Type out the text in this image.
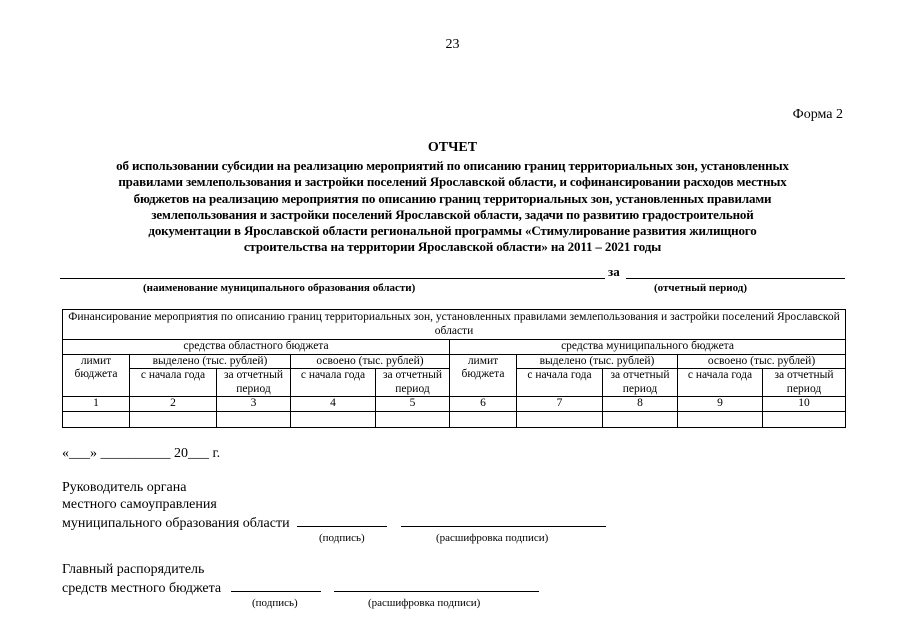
23
Форма 2
ОТЧЕТ
об использовании субсидии на реализацию мероприятий по описанию границ территориальных зон, установленных
правилами землепользования и застройки поселений Ярославской области, и софинансировании расходов местных
бюджетов на реализацию мероприятия по описанию границ территориальных зон, установленных правилами
землепользования и застройки поселений Ярославской области, задачи по развитию градостроительной
документации в Ярославской области региональной программы «Стимулирование развития жилищного
строительства на территории Ярославской области» на 2011 – 2021 годы
за
(наименование муниципального образования области)	(отчетный период)
Финансирование мероприятия по описанию границ территориальных зон, установленных правилами землепользования и застройки поселений Ярославской области									
средства областного бюджета					средства муниципального бюджета				
лимит бюджета	выделено (тыс. рублей)		освоено (тыс. рублей)		лимит бюджета	выделено (тыс. рублей)		освоено (тыс. рублей)	
	с начала года	за отчетный период	с начала года	за отчетный период		с начала года	за отчетный период	с начала года	за отчетный период
1	2	3	4	5	6	7	8	9	10

«___» __________ 20___ г.
Руководитель органа
местного самоуправления
муниципального образования области
(подпись)	(расшифровка подписи)
Главный распорядитель
средств местного бюджета
(подпись)	(расшифровка подписи)
